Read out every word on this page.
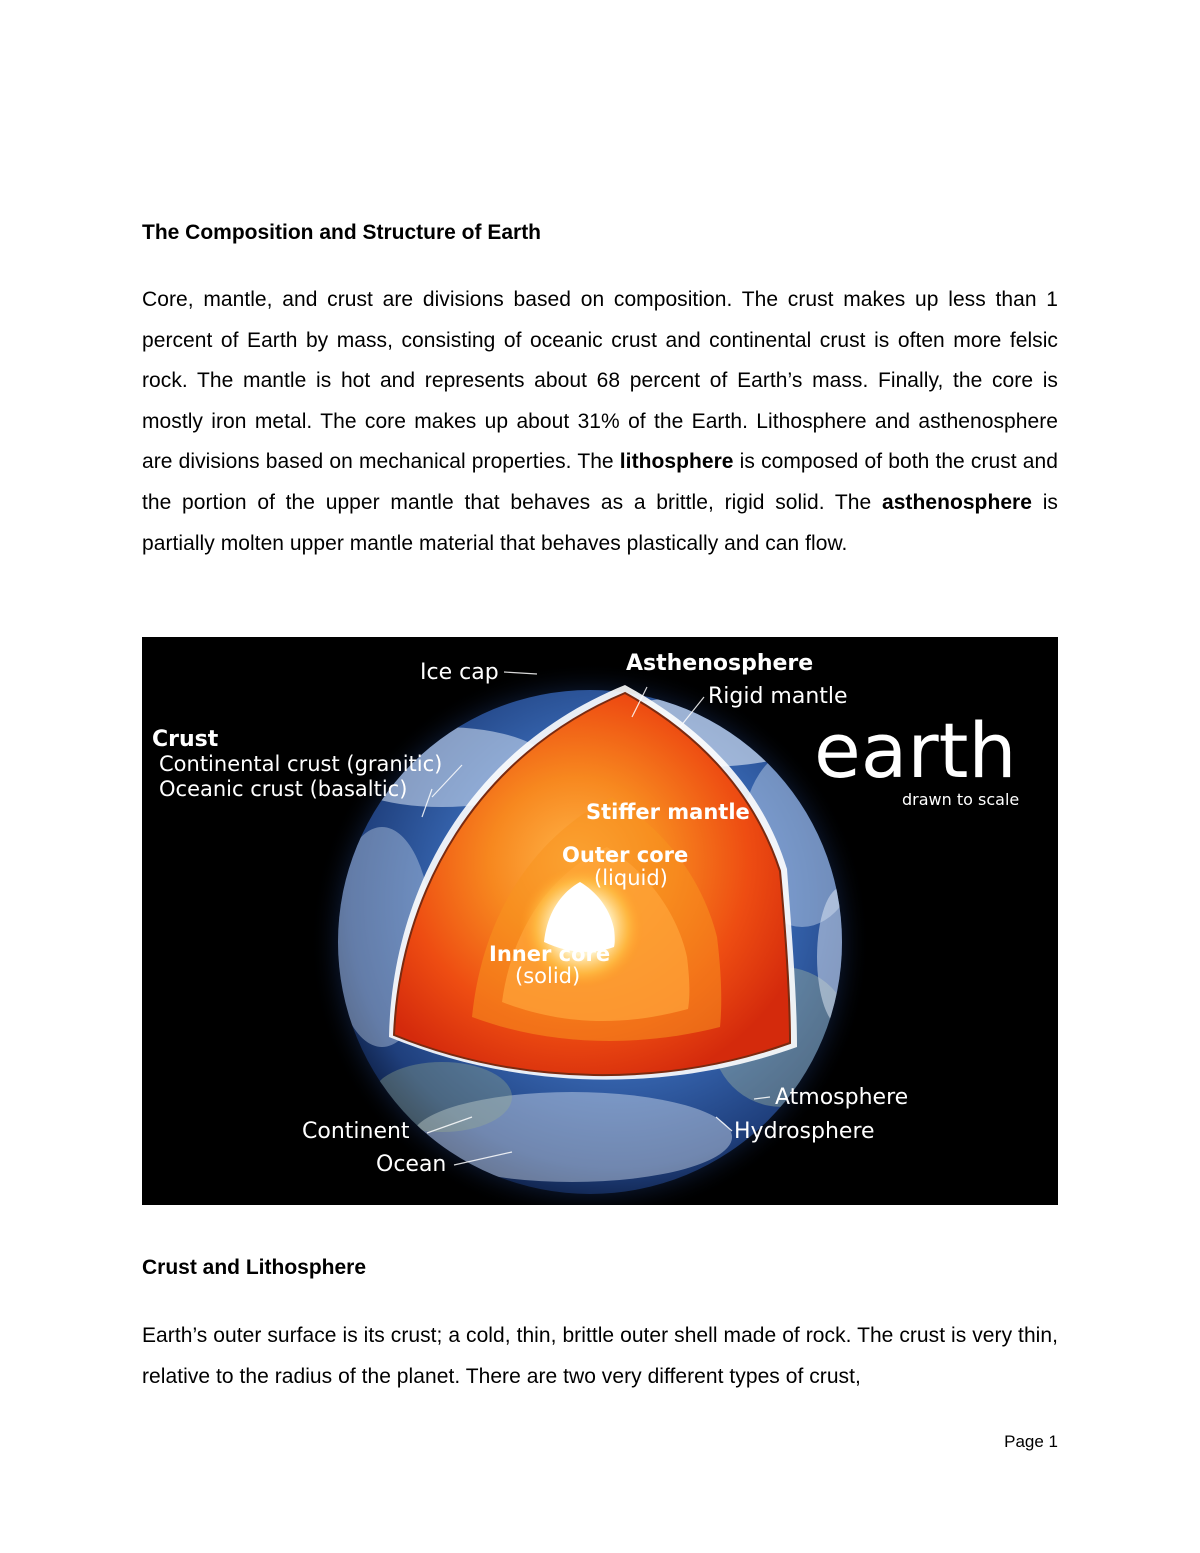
The Composition and Structure of Earth

Core, mantle, and crust are divisions based on composition. The crust makes up less than 1 percent of Earth by mass, consisting of oceanic crust and continental crust is often more felsic rock. The mantle is hot and represents about 68 percent of Earth’s mass. Finally, the core is mostly iron metal. The core makes up about 31% of the Earth. Lithosphere and asthenosphere are divisions based on mechanical properties. The lithosphere is composed of both the crust and the portion of the upper mantle that behaves as a brittle, rigid solid. The asthenosphere is partially molten upper mantle material that behaves plastically and can flow.

Ice cap	Asthenosphere
Rigid mantle
Crust
Continental crust (granitic)
Oceanic crust (basaltic)	earth
drawn to scale
Stiffer mantle
Outer core
(liquid)
Inner core
(solid)
Atmosphere
Hydrosphere
Continent
Ocean
Crust and Lithosphere

Earth’s outer surface is its crust; a cold, thin, brittle outer shell made of rock. The crust is very thin, relative to the radius of the planet. There are two very different types of crust,

Page 1
